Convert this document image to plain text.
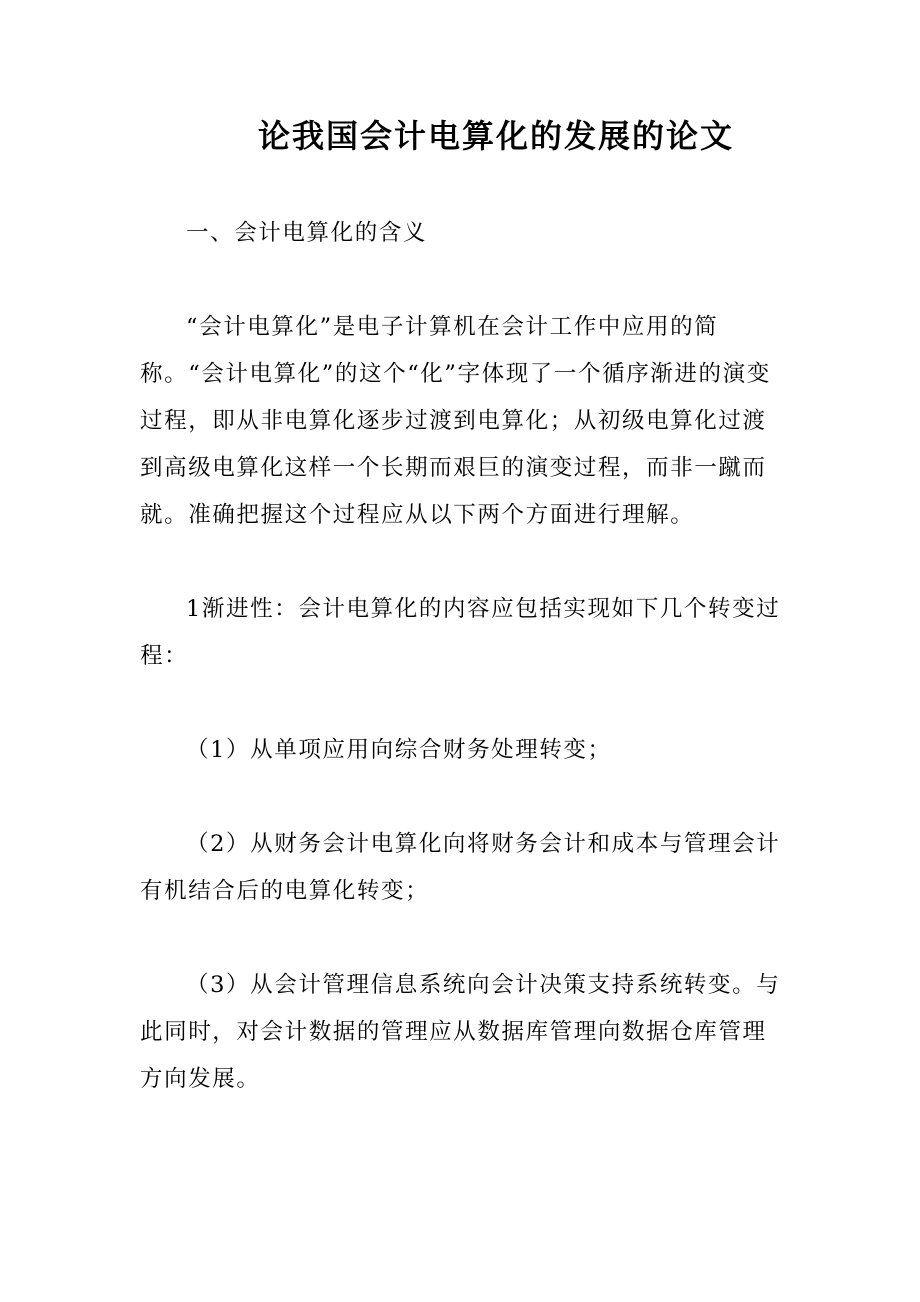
论我国会计电算化的发展的论文

一、会计电算化的含义

“会计电算化”是电子计算机在会计工作中应用的简称。“会计电算化”的这个“化”字体现了一个循序渐进的演变过程，即从非电算化逐步过渡到电算化；从初级电算化过渡到高级电算化这样一个长期而艰巨的演变过程，而非一蹴而就。准确把握这个过程应从以下两个方面进行理解。

1渐进性：会计电算化的内容应包括实现如下几个转变过程：

（1）从单项应用向综合财务处理转变；

（2）从财务会计电算化向将财务会计和成本与管理会计有机结合后的电算化转变；

（3）从会计管理信息系统向会计决策支持系统转变。与此同时，对会计数据的管理应从数据库管理向数据仓库管理方向发展。
